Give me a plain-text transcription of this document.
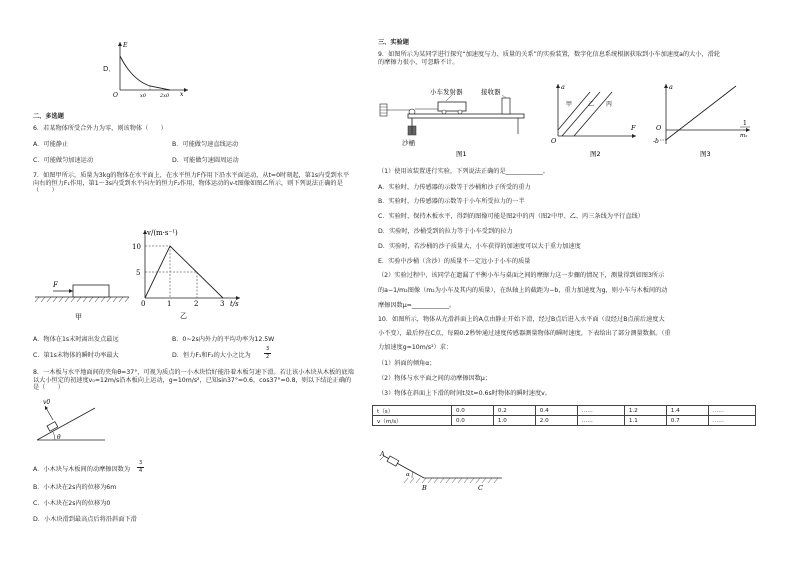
D．
E
x
O	x0	2x0
二、多选题
6．若某物体所受合外力为零，则该物体（　　）
A．可能静止	B．可能做匀速直线运动
C．可能做匀加速运动	D．可能做匀速圆周运动
7．如图甲所示，质量为3kg的物体在水平面上，在水平恒力F作用下沿水平面运动，从t=0时刻起，第1s内受到水平向右的恒力F₁作用，第1～3s内受到水平向左的恒力F₂作用，物体运动的v-t图像如图乙所示，则下列说法正确的是（　　）
F
甲
v/(m·s⁻¹)
10
5
0	1	2	3 t/s
乙
A．物体在1s末时离出发点最远	B．0~2s内外力的平均功率为12.5W
C．第1s末物体的瞬时功率最大	D．恒力F₁和F₂的大小之比为
3
2
8．一木板与水平地面间的夹角θ=37°，可视为质点的一小木块恰好能沿着木板匀速下滑。若让该小木块从木板的底端以大小恒定的初速度v₀=12m/s沿木板向上运动，g=10m/s²，已知sin37°=0.6，cos37°=0.8，则以下结论正确的是（　　）
v0
θ
A．小木块与木板间的动摩擦因数为
3
4
B．小木块在2s内的位移为6m
C．小木块在2s内的位移为0
D．小木块滑到最高点后将沿斜面下滑
三、实验题
9．如图所示为某同学进行探究“加速度与力、质量的关系”的实验装置，数字化信息系统根据获取到小车加速度a的大小，滑轮的摩擦力很小，可忽略不计。
小车发射器	接收器
沙桶
图1
a
F
O
甲	乙 丙
图2
a
O
-b
1
m₂
图3
（1）使用该装置进行实验，下列说法正确的是____________。
A．实验时，力传感器的示数等于沙桶和沙子所受的重力
B．实验时，力传感器的示数等于小车所受拉力的一半
C．实验时，保持木板水平，得到的图像可能是图2中的丙（图2中甲、乙、丙三条线为平行直线）
D．实验时，沙桶受到的拉力等于小车受到的拉力
D．实验时，若沙桶的沙子质量大，小车获得的加速度可以大于重力加速度
E．实验中沙桶（含沙）的质量不一定远小于小车的质量
（2）实验过程中，该同学在遗漏了平衡小车与桌面之间的摩擦力这一步骤的情况下，测量得到如图3所示
的a−1/m₂图像（m₂为小车及其内的质量），在纵轴上的截距为−b，重力加速度为g，则小车与木板间的动
摩擦因数μ=____________。
10．如图所示，物体从光滑斜面上的A点由静止开始下滑，经过B点后进入水平面（设经过B点前后速度大
小不变），最后停在C点，每隔0.2秒钟通过速度传感器测量物体的瞬时速度，下表给出了部分测量数据。（重
力加速度g=10m/s²）求：
（1）斜面的倾角α；
（2）物体与水平面之间的动摩擦因数μ；
（3）物体在斜面上下滑的时间t及t=0.6s时物体的瞬时速度v。
t（s）	0.0	0.2	0.4	……	1.2	1.4	……
v（m/s）	0.0	1.0	2.0	……	1.1	0.7	……
A
B	C
α
